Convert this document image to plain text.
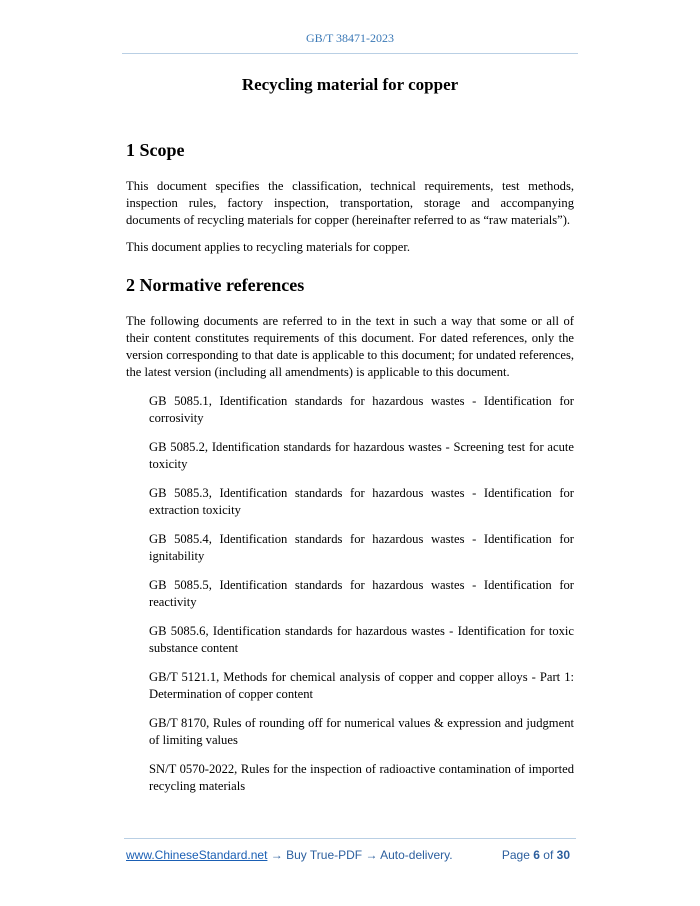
GB/T 38471-2023
Recycling material for copper
1 Scope

This document specifies the classification, technical requirements, test methods, inspection rules, factory inspection, transportation, storage and accompanying documents of recycling materials for copper (hereinafter referred to as “raw materials”).

This document applies to recycling materials for copper.

2 Normative references

The following documents are referred to in the text in such a way that some or all of their content constitutes requirements of this document. For dated references, only the version corresponding to that date is applicable to this document; for undated references, the latest version (including all amendments) is applicable to this document.

GB 5085.1, Identification standards for hazardous wastes - Identification for corrosivity

GB 5085.2, Identification standards for hazardous wastes - Screening test for acute toxicity

GB 5085.3, Identification standards for hazardous wastes - Identification for extraction toxicity

GB 5085.4, Identification standards for hazardous wastes - Identification for ignitability

GB 5085.5, Identification standards for hazardous wastes - Identification for reactivity

GB 5085.6, Identification standards for hazardous wastes - Identification for toxic substance content

GB/T 5121.1, Methods for chemical analysis of copper and copper alloys - Part 1: Determination of copper content

GB/T 8170, Rules of rounding off for numerical values & expression and judgment of limiting values

SN/T 0570-2022, Rules for the inspection of radioactive contamination of imported recycling materials

www.ChineseStandard.net → Buy True-PDF → Auto-delivery.	Page 6 of 30
